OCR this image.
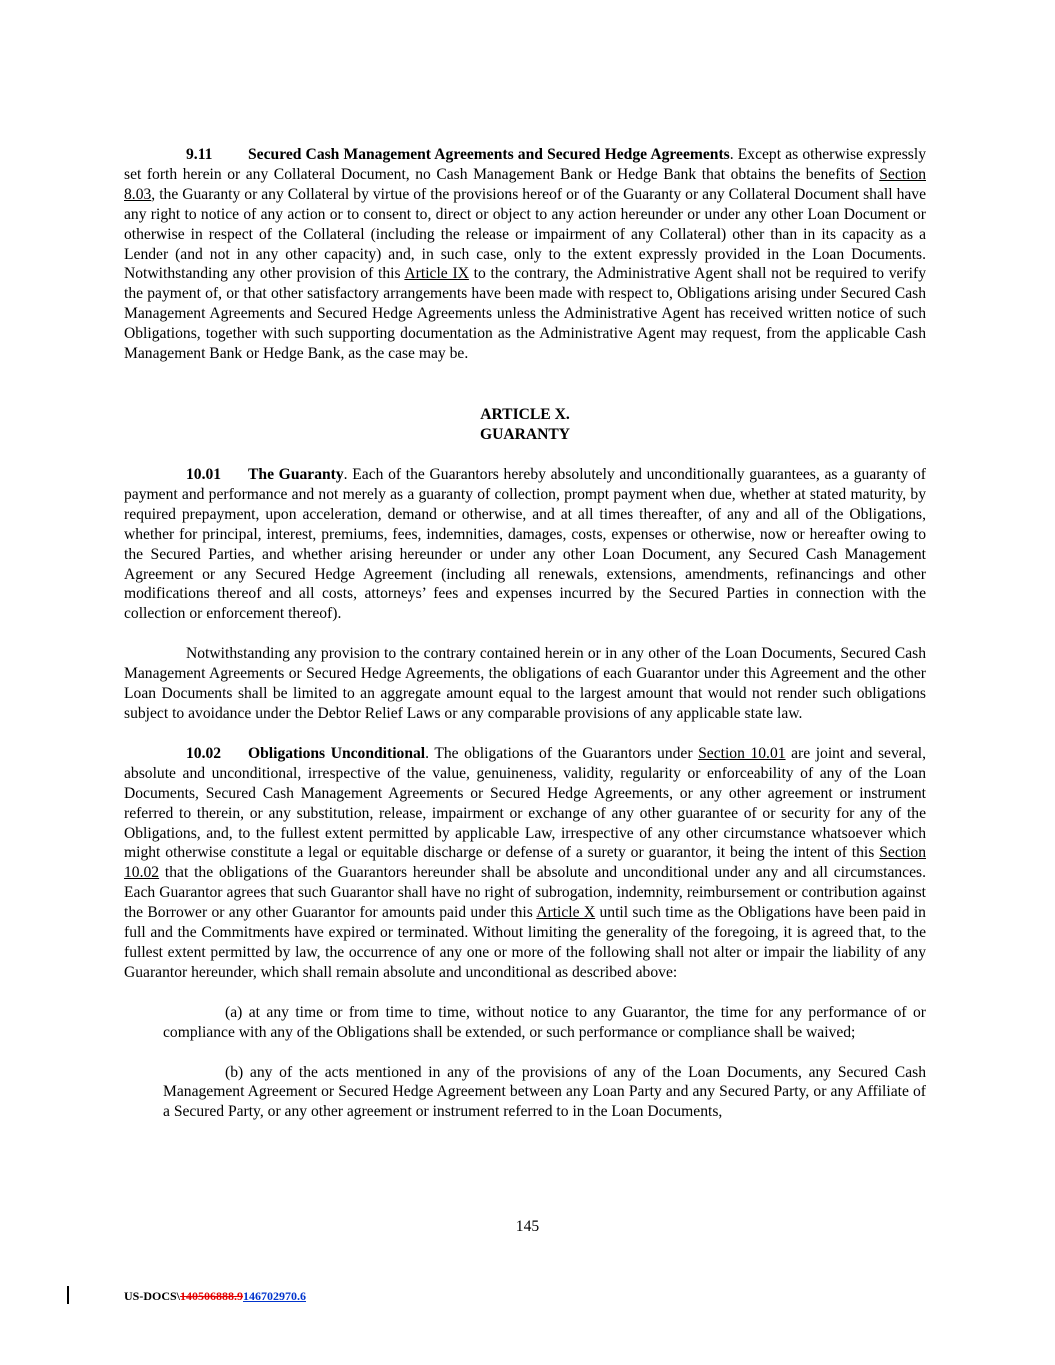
9.11 Secured Cash Management Agreements and Secured Hedge Agreements. Except as otherwise expressly set forth herein or any Collateral Document, no Cash Management Bank or Hedge Bank that obtains the benefits of Section 8.03, the Guaranty or any Collateral by virtue of the provisions hereof or of the Guaranty or any Collateral Document shall have any right to notice of any action or to consent to, direct or object to any action hereunder or under any other Loan Document or otherwise in respect of the Collateral (including the release or impairment of any Collateral) other than in its capacity as a Lender (and not in any other capacity) and, in such case, only to the extent expressly provided in the Loan Documents. Notwithstanding any other provision of this Article IX to the contrary, the Administrative Agent shall not be required to verify the payment of, or that other satisfactory arrangements have been made with respect to, Obligations arising under Secured Cash Management Agreements and Secured Hedge Agreements unless the Administrative Agent has received written notice of such Obligations, together with such supporting documentation as the Administrative Agent may request, from the applicable Cash Management Bank or Hedge Bank, as the case may be.

ARTICLE X.

GUARANTY

10.01 The Guaranty. Each of the Guarantors hereby absolutely and unconditionally guarantees, as a guaranty of payment and performance and not merely as a guaranty of collection, prompt payment when due, whether at stated maturity, by required prepayment, upon acceleration, demand or otherwise, and at all times thereafter, of any and all of the Obligations, whether for principal, interest, premiums, fees, indemnities, damages, costs, expenses or otherwise, now or hereafter owing to the Secured Parties, and whether arising hereunder or under any other Loan Document, any Secured Cash Management Agreement or any Secured Hedge Agreement (including all renewals, extensions, amendments, refinancings and other modifications thereof and all costs, attorneys’ fees and expenses incurred by the Secured Parties in connection with the collection or enforcement thereof).

Notwithstanding any provision to the contrary contained herein or in any other of the Loan Documents, Secured Cash Management Agreements or Secured Hedge Agreements, the obligations of each Guarantor under this Agreement and the other Loan Documents shall be limited to an aggregate amount equal to the largest amount that would not render such obligations subject to avoidance under the Debtor Relief Laws or any comparable provisions of any applicable state law.

10.02 Obligations Unconditional. The obligations of the Guarantors under Section 10.01 are joint and several, absolute and unconditional, irrespective of the value, genuineness, validity, regularity or enforceability of any of the Loan Documents, Secured Cash Management Agreements or Secured Hedge Agreements, or any other agreement or instrument referred to therein, or any substitution, release, impairment or exchange of any other guarantee of or security for any of the Obligations, and, to the fullest extent permitted by applicable Law, irrespective of any other circumstance whatsoever which might otherwise constitute a legal or equitable discharge or defense of a surety or guarantor, it being the intent of this Section 10.02 that the obligations of the Guarantors hereunder shall be absolute and unconditional under any and all circumstances. Each Guarantor agrees that such Guarantor shall have no right of subrogation, indemnity, reimbursement or contribution against the Borrower or any other Guarantor for amounts paid under this Article X until such time as the Obligations have been paid in full and the Commitments have expired or terminated. Without limiting the generality of the foregoing, it is agreed that, to the fullest extent permitted by law, the occurrence of any one or more of the following shall not alter or impair the liability of any Guarantor hereunder, which shall remain absolute and unconditional as described above:

(a) at any time or from time to time, without notice to any Guarantor, the time for any performance of or compliance with any of the Obligations shall be extended, or such performance or compliance shall be waived;

(b) any of the acts mentioned in any of the provisions of any of the Loan Documents, any Secured Cash Management Agreement or Secured Hedge Agreement between any Loan Party and any Secured Party, or any Affiliate of a Secured Party, or any other agreement or instrument referred to in the Loan Documents,

145
US-DOCS\140506888.9146702970.6
